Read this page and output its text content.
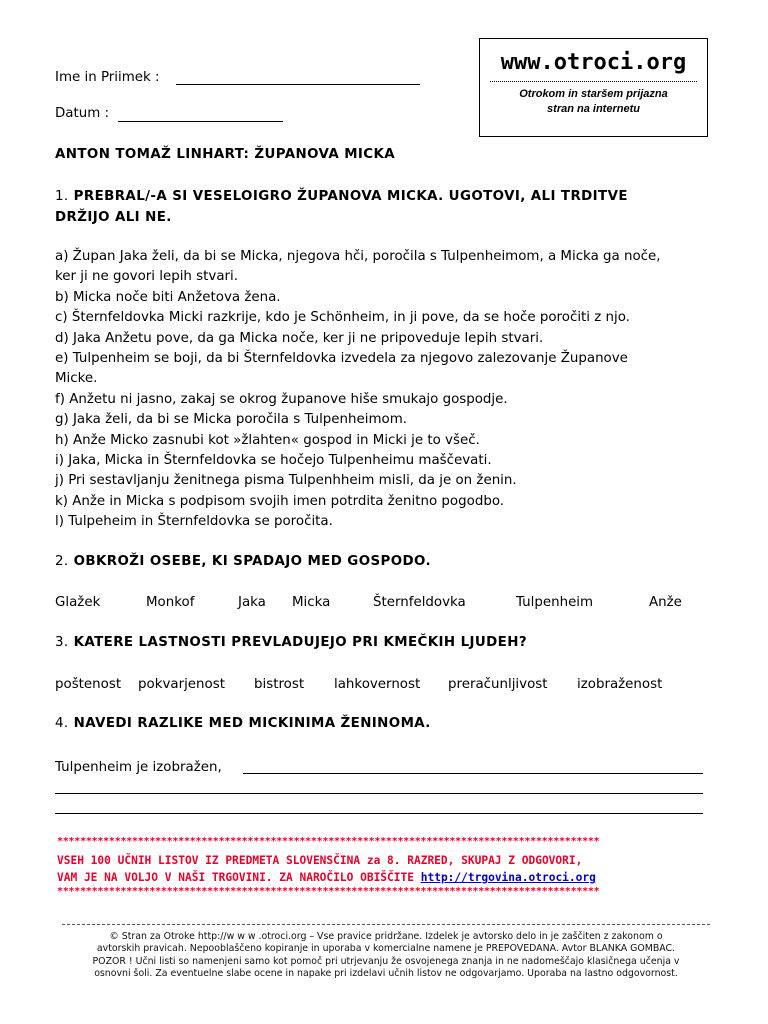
Ime in Priimek :
Datum :
www.otroci.org
Otrokom in staršem prijazna
stran na internetu
ANTON TOMAŽ LINHART: ŽUPANOVA MICKA
1. PREBRAL/-A SI VESELOIGRO ŽUPANOVA MICKA. UGOTOVI, ALI TRDITVE
DRŽIJO ALI NE.
a) Župan Jaka želi, da bi se Micka, njegova hči, poročila s Tulpenheimom, a Micka ga noče,
ker ji ne govori lepih stvari.
b) Micka noče biti Anžetova žena.
c) Šternfeldovka Micki razkrije, kdo je Schönheim, in ji pove, da se hoče poročiti z njo.
d) Jaka Anžetu pove, da ga Micka noče, ker ji ne pripoveduje lepih stvari.
e) Tulpenheim se boji, da bi Šternfeldovka izvedela za njegovo zalezovanje Županove
Micke.
f) Anžetu ni jasno, zakaj se okrog županove hiše smukajo gospodje.
g) Jaka želi, da bi se Micka poročila s Tulpenheimom.
h) Anže Micko zasnubi kot »žlahten« gospod in Micki je to všeč.
i) Jaka, Micka in Šternfeldovka se hočejo Tulpenheimu maščevati.
j) Pri sestavljanju ženitnega pisma Tulpenhheim misli, da je on ženin.
k) Anže in Micka s podpisom svojih imen potrdita ženitno pogodbo.
l) Tulpeheim in Šternfeldovka se poročita.
2. OBKROŽI OSEBE, KI SPADAJO MED GOSPODO.
Glažek	Monkof	Jaka Micka	Šternfeldovka	Tulpenheim	Anže
3. KATERE LASTNOSTI PREVLADUJEJO PRI KMEČKIH LJUDEH?
poštenost pokvarjenost bistrost lahkovernost preračunljivost izobraženost
4. NAVEDI RAZLIKE MED MICKINIMA ŽENINOMA.
Tulpenheim je izobražen,
**********************************************************************************************
VSEH 100 UČNIH LISTOV IZ PREDMETA SLOVENSČINA za 8. RAZRED, SKUPAJ Z ODGOVORI,
VAM JE NA VOLJO V NAŠI TRGOVINI. ZA NAROČILO OBIŠČITE http://trgovina.otroci.org
**********************************************************************************************
© Stran za Otroke http://w w w .otroci.org – Vse pravice pridržane. Izdelek je avtorsko delo in je zaščiten z zakonom o
avtorskih pravicah. Nepooblaščeno kopiranje in uporaba v komercialne namene je PREPOVEDANA. Avtor BLANKA GOMBAC.
POZOR ! Učni listi so namenjeni samo kot pomoč pri utrjevanju že osvojenega znanja in ne nadomeščajo klasičnega učenja v
osnovni šoli. Za eventuelne slabe ocene in napake pri izdelavi učnih listov ne odgovarjamo. Uporaba na lastno odgovornost.
